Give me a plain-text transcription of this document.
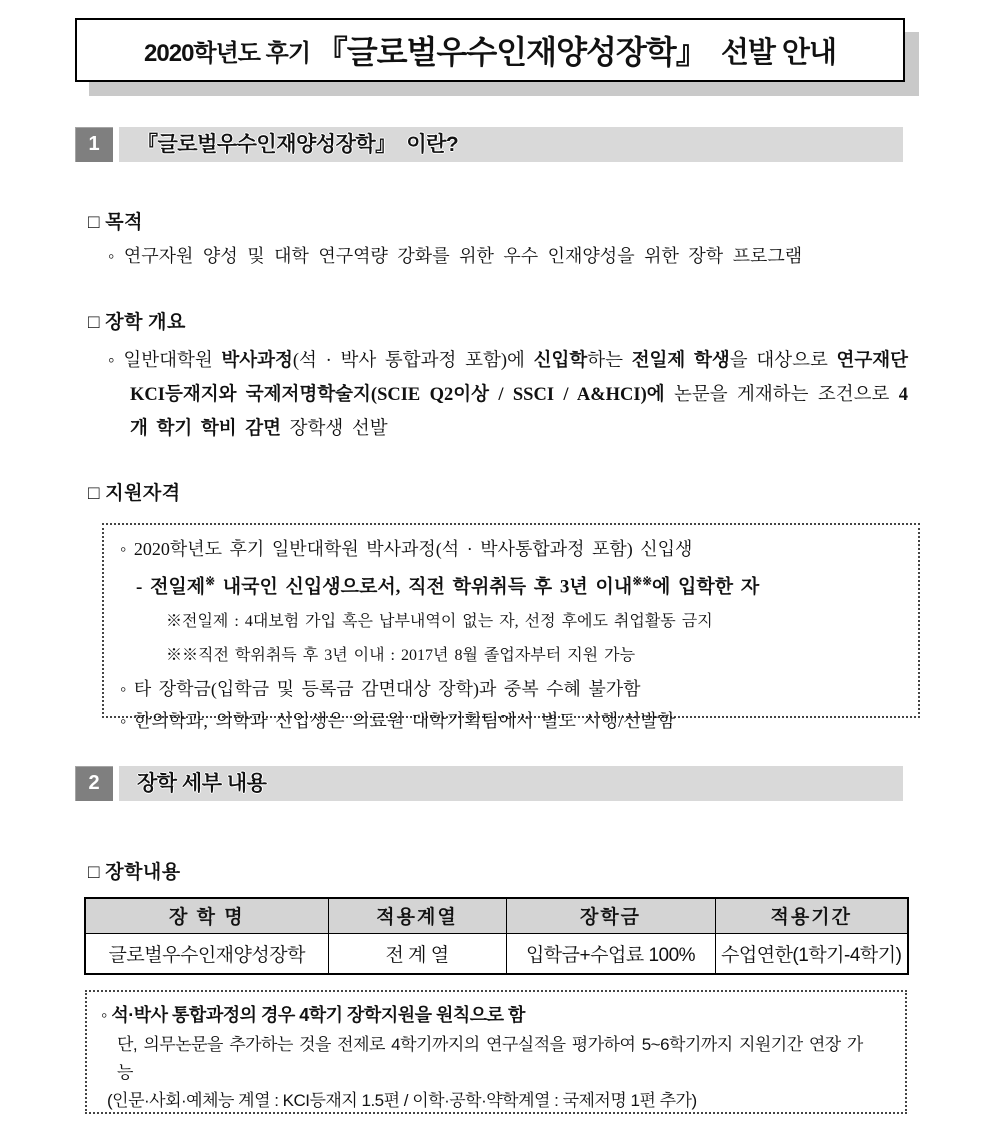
2020학년도 후기 『글로벌우수인재양성장학』 선발 안내
1	『글로벌우수인재양성장학』  이란?
□ 목적
◦ 연구자원 양성 및 대학 연구역량 강화를 위한 우수 인재양성을 위한 장학 프로그램
□ 장학 개요
◦ 일반대학원 박사과정(석 · 박사 통합과정 포함)에 신입학하는 전일제 학생을 대상으로 연구재단 KCI등재지와 국제저명학술지(SCIE Q2이상 / SSCI / A&HCI)에 논문을 게재하는 조건으로 4개 학기 학비 감면 장학생 선발
□ 지원자격
◦ 2020학년도 후기 일반대학원 박사과정(석 · 박사통합과정 포함) 신입생
- 전일제※ 내국인 신입생으로서, 직전 학위취득 후 3년 이내※※에 입학한 자
※전일제 : 4대보험 가입 혹은 납부내역이 없는 자, 선정 후에도 취업활동 금지
※※직전 학위취득 후 3년 이내 : 2017년 8월 졸업자부터 지원 가능
◦ 타 장학금(입학금 및 등록금 감면대상 장학)과 중복 수혜 불가함
◦ 한의학과, 의학과 신입생은 의료원 대학기획팀에서 별도 시행/선발함
2	장학 세부 내용
□ 장학내용
장 학 명	적용계열	장학금	적용기간
글로벌우수인재양성장학	전 계 열	입학금+수업료 100%	수업연한(1학기-4학기)
◦ 석·박사 통합과정의 경우 4학기 장학지원을 원칙으로 함
단, 의무논문을 추가하는 것을 전제로 4학기까지의 연구실적을 평가하여 5~6학기까지 지원기간 연장 가
능
(인문·사회·예체능 계열 : KCI등재지 1.5편 / 이학·공학·약학계열 : 국제저명 1편 추가)
